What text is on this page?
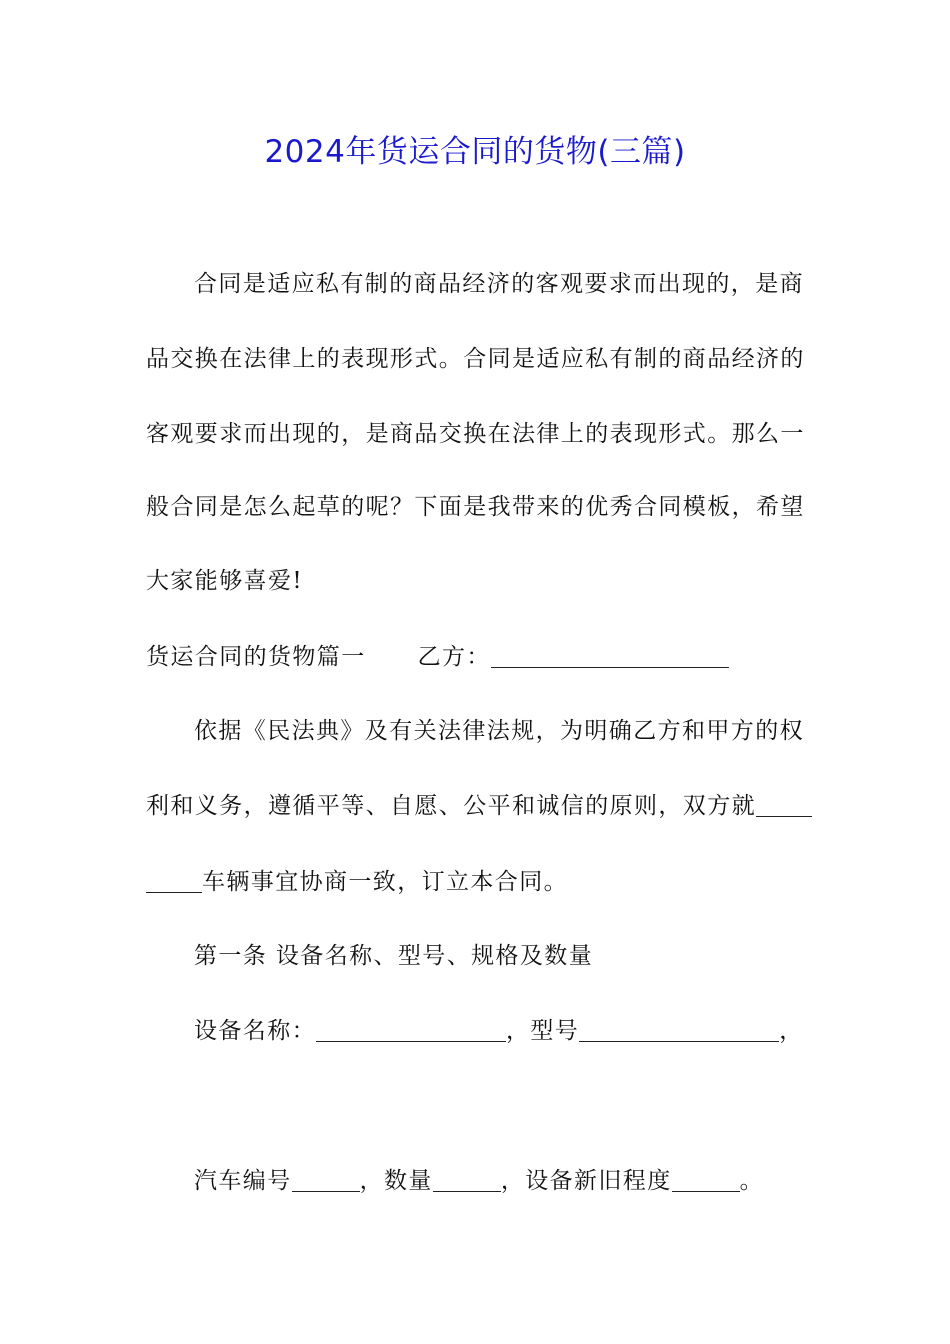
2024年货运合同的货物(三篇)
合同是适应私有制的商品经济的客观要求而出现的，是商
品交换在法律上的表现形式。合同是适应私有制的商品经济的
客观要求而出现的，是商品交换在法律上的表现形式。那么一
般合同是怎么起草的呢？下面是我带来的优秀合同模板，希望
大家能够喜爱!
货运合同的货物篇一 乙方：
依据《民法典》及有关法律法规，为明确乙方和甲方的权
利和义务，遵循平等、自愿、公平和诚信的原则，双方就
车辆事宜协商一致，订立本合同。
第一条 设备名称、型号、规格及数量
设备名称：	，型号	，
汽车编号	，数量	，设备新旧程度	。
